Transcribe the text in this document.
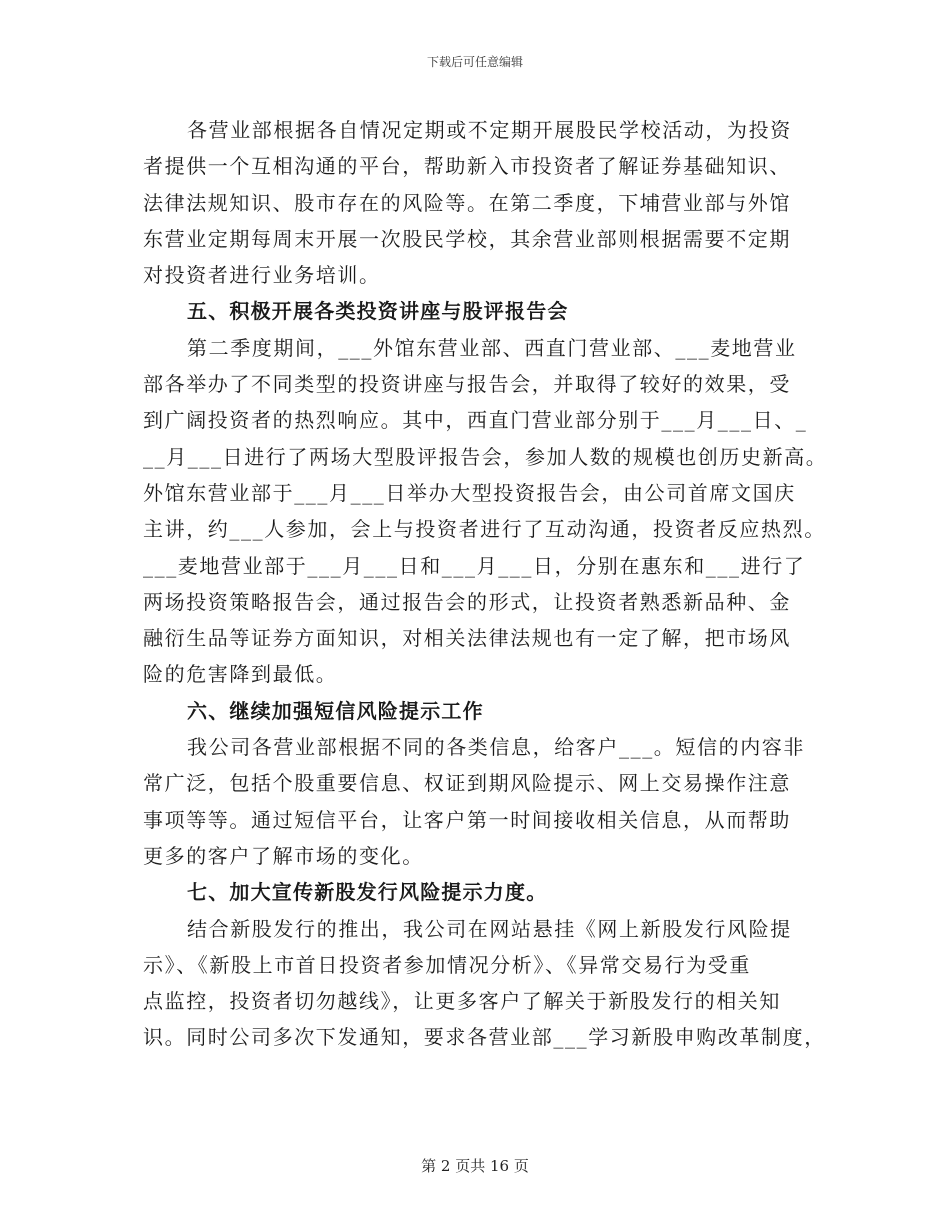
下载后可任意编辑
各营业部根据各自情况定期或不定期开展股民学校活动，为投资
者提供一个互相沟通的平台，帮助新入市投资者了解证券基础知识、
法律法规知识、股市存在的风险等。在第二季度，下埔营业部与外馆
东营业定期每周末开展一次股民学校，其余营业部则根据需要不定期
对投资者进行业务培训。
五、积极开展各类投资讲座与股评报告会
第二季度期间，___外馆东营业部、西直门营业部、___麦地营业
部各举办了不同类型的投资讲座与报告会，并取得了较好的效果，受
到广阔投资者的热烈响应。其中，西直门营业部分别于___月___日、_
__月___日进行了两场大型股评报告会，参加人数的规模也创历史新高。
外馆东营业部于___月___日举办大型投资报告会，由公司首席文国庆
主讲，约___人参加，会上与投资者进行了互动沟通，投资者反应热烈。
___麦地营业部于___月___日和___月___日，分别在惠东和___进行了
两场投资策略报告会，通过报告会的形式，让投资者熟悉新品种、金
融衍生品等证券方面知识，对相关法律法规也有一定了解，把市场风
险的危害降到最低。
六、继续加强短信风险提示工作
我公司各营业部根据不同的各类信息，给客户___。短信的内容非
常广泛，包括个股重要信息、权证到期风险提示、网上交易操作注意
事项等等。通过短信平台，让客户第一时间接收相关信息，从而帮助
更多的客户了解市场的变化。
七、加大宣传新股发行风险提示力度。
结合新股发行的推出，我公司在网站悬挂《网上新股发行风险提
示》、《新股上市首日投资者参加情况分析》、《异常交易行为受重
点监控，投资者切勿越线》，让更多客户了解关于新股发行的相关知
识。同时公司多次下发通知，要求各营业部___学习新股申购改革制度，
第 2 页共 16 页
